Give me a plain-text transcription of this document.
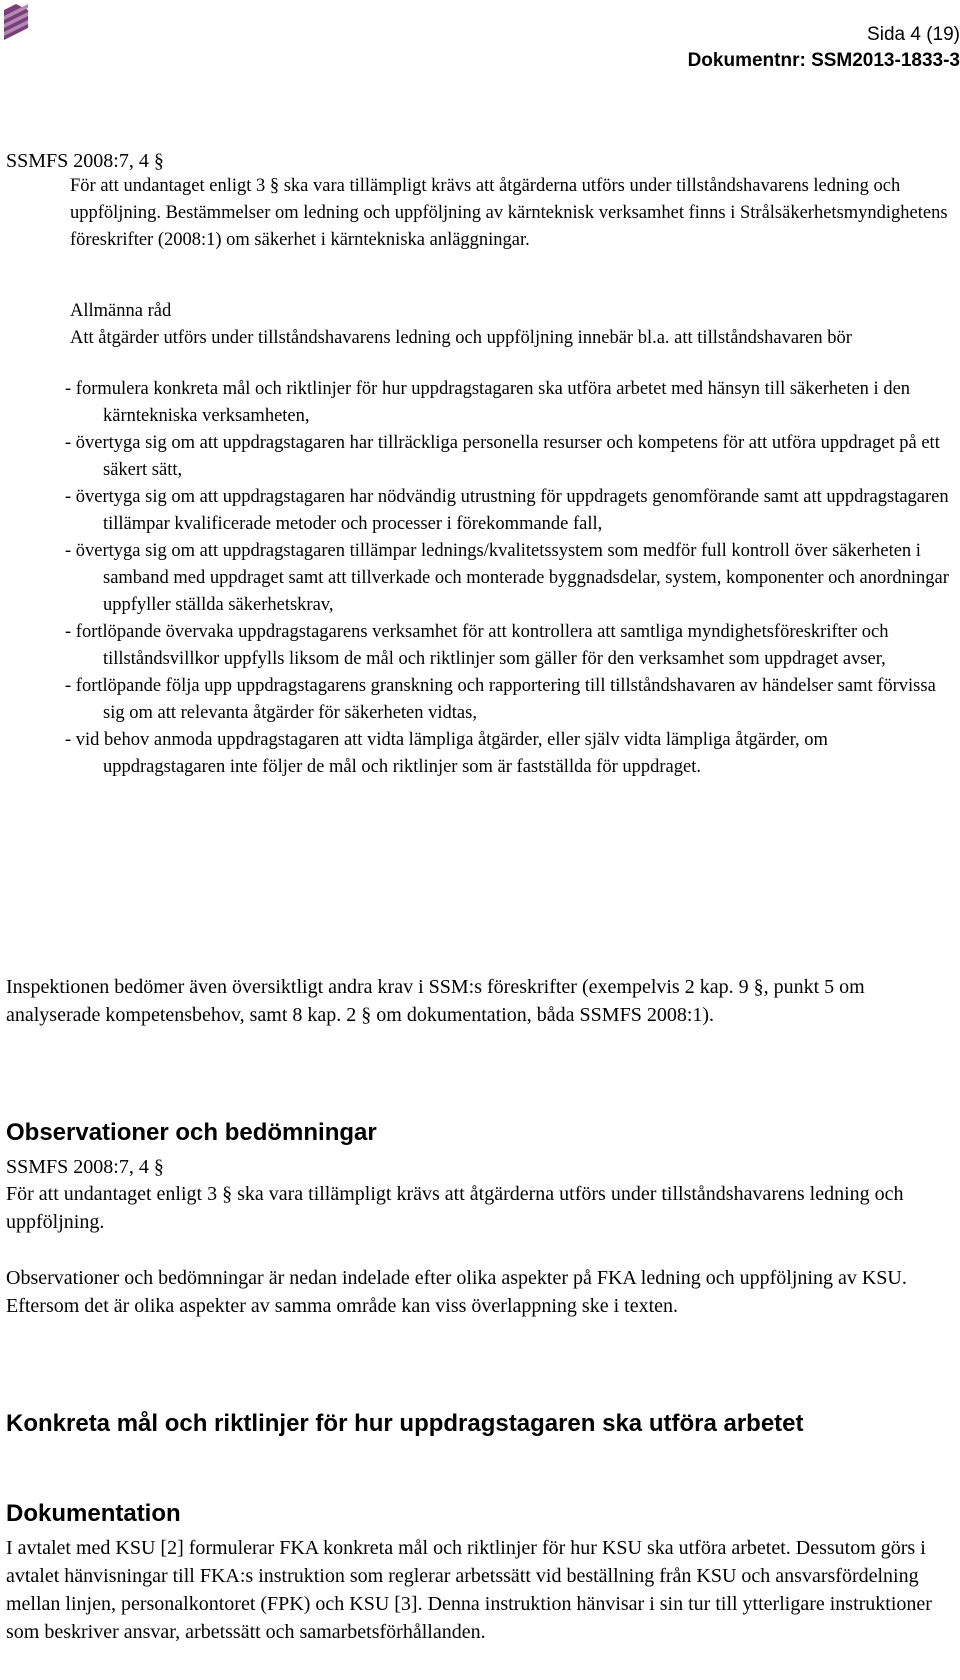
Sida 4 (19)
Dokumentnr: SSM2013-1833-3

SSMFS 2008:7, 4 §

För att undantaget enligt 3 § ska vara tillämpligt krävs att åtgärderna utförs under tillståndshavarens ledning och uppföljning. Bestämmelser om ledning och uppföljning av kärnteknisk verksamhet finns i Strålsäkerhetsmyndighetens föreskrifter (2008:1) om säkerhet i kärntekniska anläggningar.

Allmänna råd

Att åtgärder utförs under tillståndshavarens ledning och uppföljning innebär bl.a. att tillståndshavaren bör

- formulera konkreta mål och riktlinjer för hur uppdragstagaren ska utföra arbetet med hänsyn till säkerheten i den kärntekniska verksamheten,
- övertyga sig om att uppdragstagaren har tillräckliga personella resurser och kompetens för att utföra uppdraget på ett säkert sätt,
- övertyga sig om att uppdragstagaren har nödvändig utrustning för uppdragets genomförande samt att uppdragstagaren tillämpar kvalificerade metoder och processer i förekommande fall,
- övertyga sig om att uppdragstagaren tillämpar lednings/kvalitetssystem som medför full kontroll över säkerheten i samband med uppdraget samt att tillverkade och monterade byggnadsdelar, system, komponenter och anordningar uppfyller ställda säkerhetskrav,
- fortlöpande övervaka uppdragstagarens verksamhet för att kontrollera att samtliga myndighetsföreskrifter och tillståndsvillkor uppfylls liksom de mål och riktlinjer som gäller för den verksamhet som uppdraget avser,
- fortlöpande följa upp uppdragstagarens granskning och rapportering till tillståndshavaren av händelser samt förvissa sig om att relevanta åtgärder för säkerheten vidtas,
- vid behov anmoda uppdragstagaren att vidta lämpliga åtgärder, eller själv vidta lämpliga åtgärder, om uppdragstagaren inte följer de mål och riktlinjer som är fastställda för uppdraget.

Inspektionen bedömer även översiktligt andra krav i SSM:s föreskrifter (exempelvis 2 kap. 9 §, punkt 5 om analyserade kompetensbehov, samt 8 kap. 2 § om dokumentation, båda SSMFS 2008:1).

Observationer och bedömningar

SSMFS 2008:7, 4 §

För att undantaget enligt 3 § ska vara tillämpligt krävs att åtgärderna utförs under tillståndshavarens ledning och uppföljning.

Observationer och bedömningar är nedan indelade efter olika aspekter på FKA ledning och uppföljning av KSU. Eftersom det är olika aspekter av samma område kan viss överlappning ske i texten.

Konkreta mål och riktlinjer för hur uppdragstagaren ska utföra arbetet
Dokumentation

I avtalet med KSU [2] formulerar FKA konkreta mål och riktlinjer för hur KSU ska utföra arbetet. Dessutom görs i avtalet hänvisningar till FKA:s instruktion som reglerar arbetssätt vid beställning från KSU och ansvarsfördelning mellan linjen, personalkontoret (FPK) och KSU [3]. Denna instruktion hänvisar i sin tur till ytterligare instruktioner som beskriver ansvar, arbetssätt och samarbetsförhållanden.
